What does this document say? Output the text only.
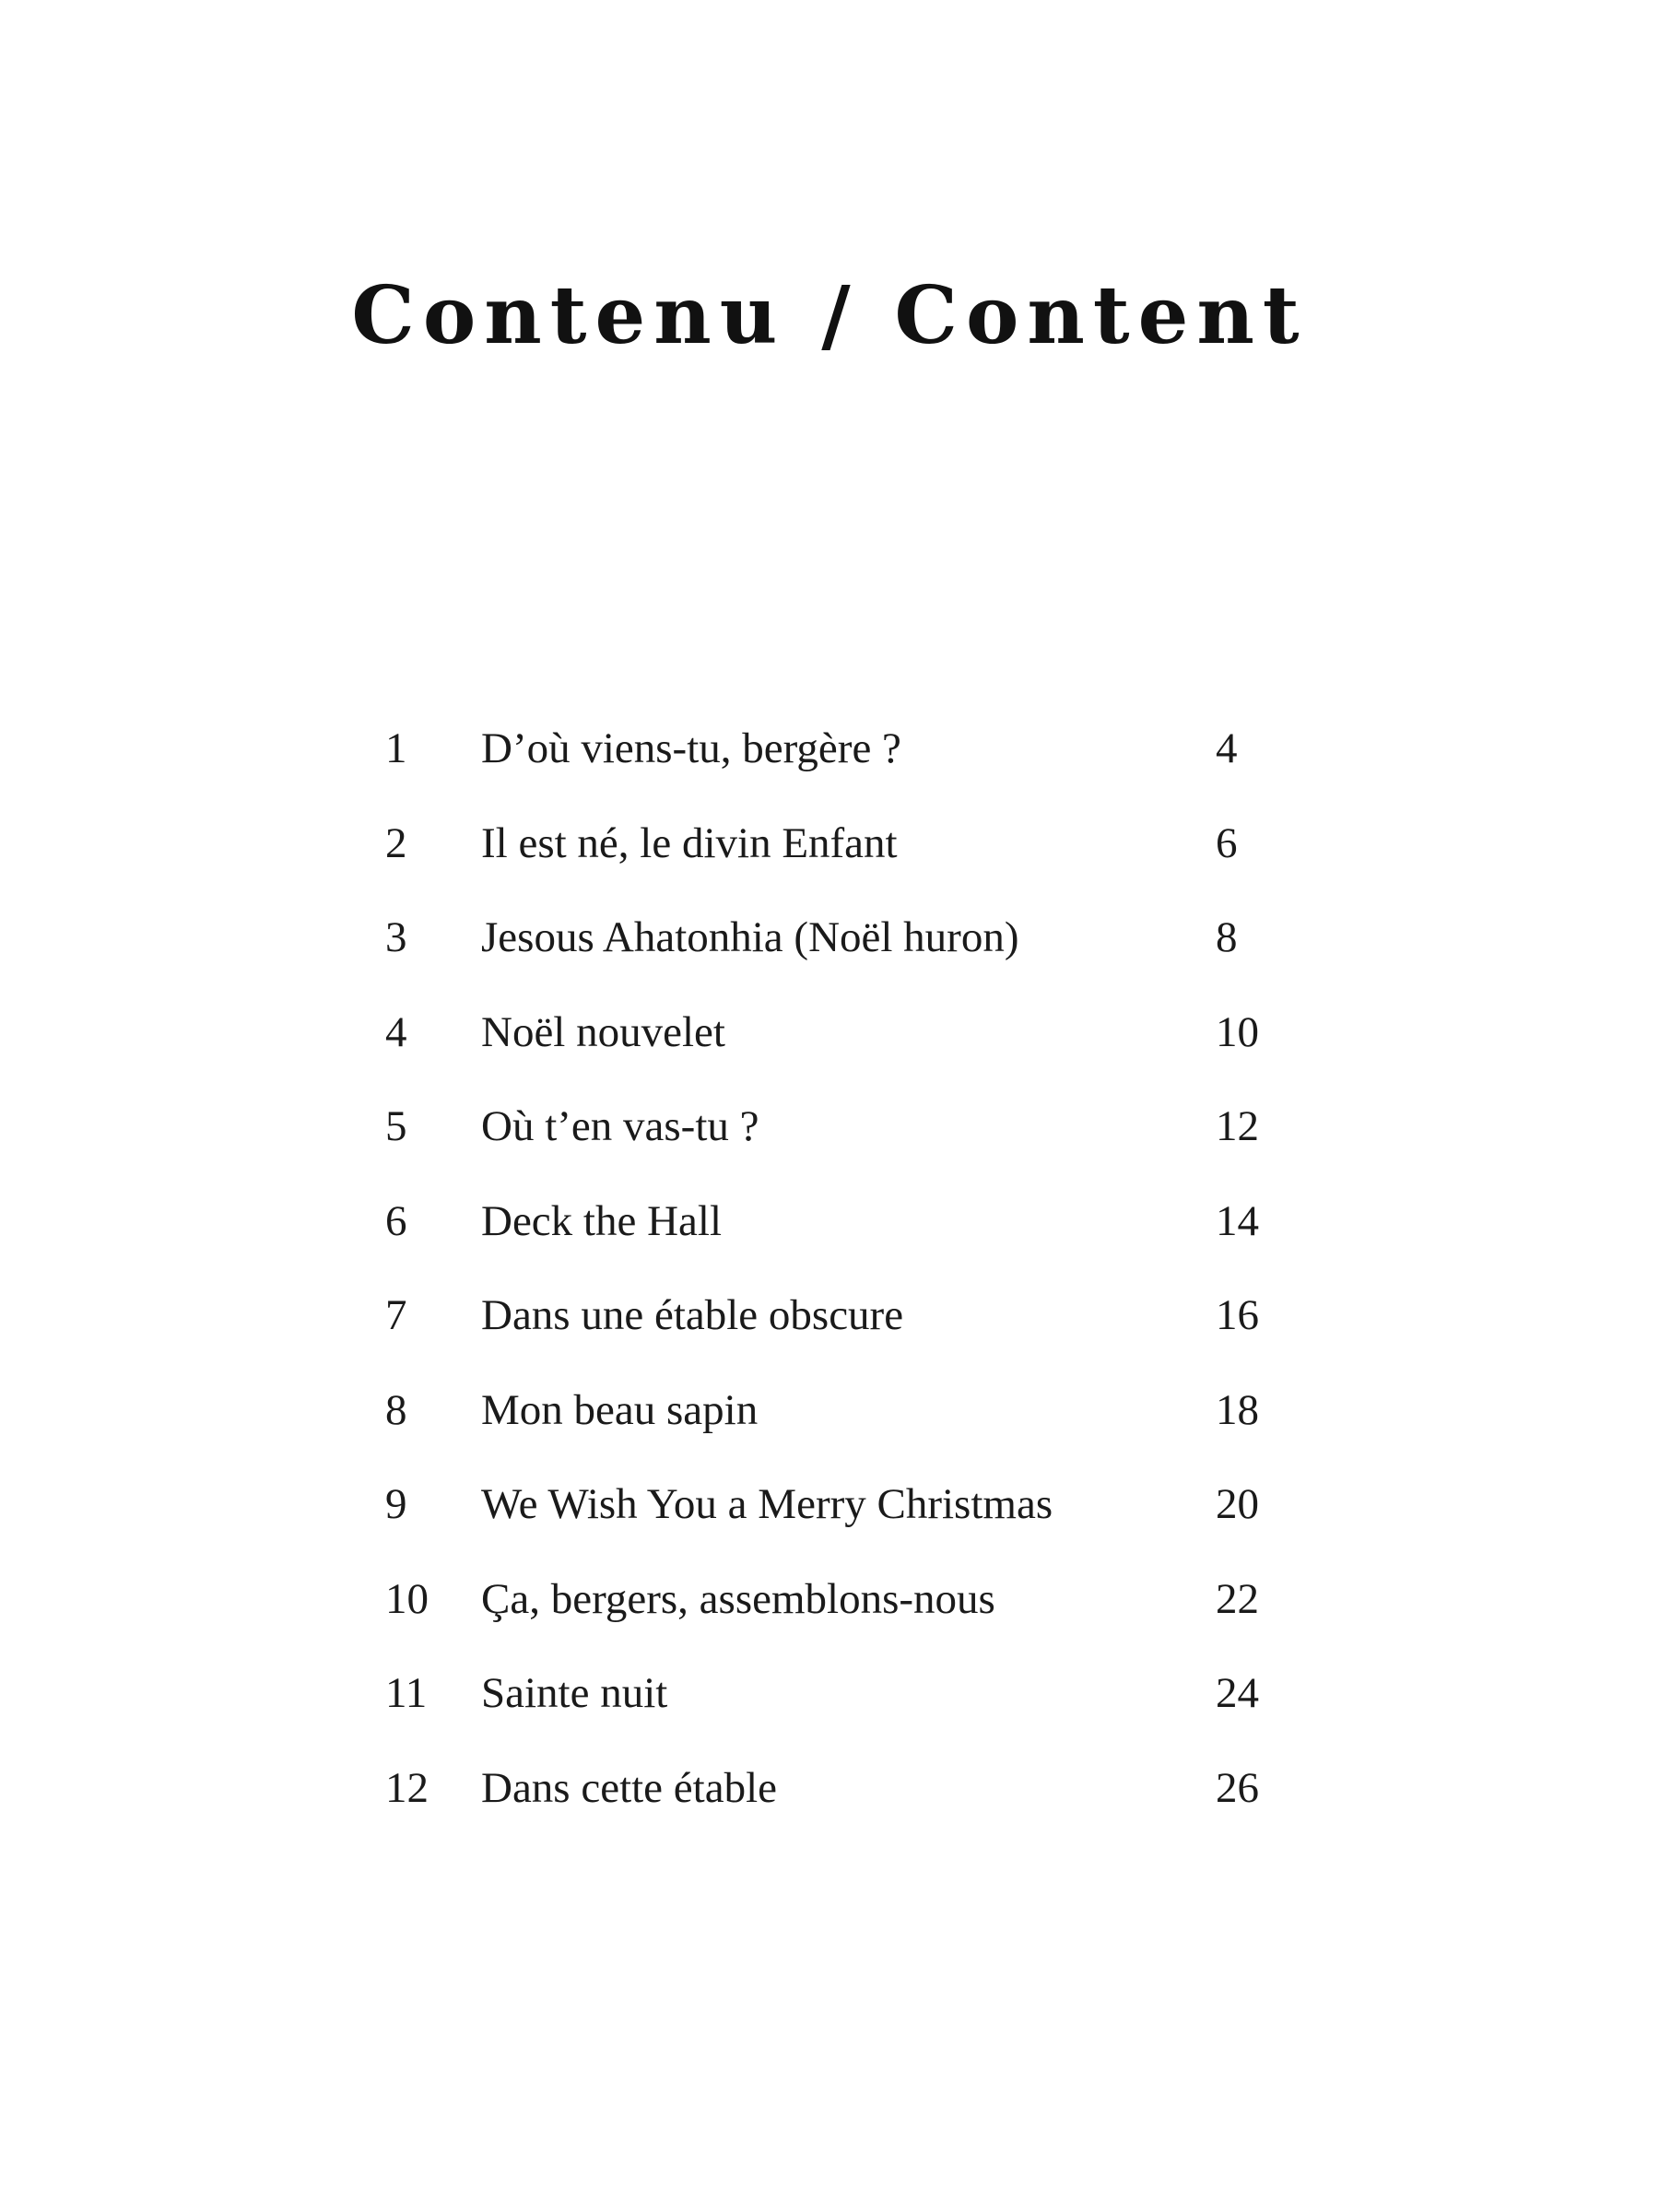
Contenu / Content
1 D’où viens-tu, bergère ?	4
2 Il est né, le divin Enfant	6
3 Jesous Ahatonhia (Noël huron)	8
4 Noël nouvelet	10
5 Où t’en vas-tu ?	12
6 Deck the Hall	14
7 Dans une étable obscure	16
8 Mon beau sapin	18
9 We Wish You a Merry Christmas	20
10 Ça, bergers, assemblons-nous	22
11 Sainte nuit	24
12 Dans cette étable	26
